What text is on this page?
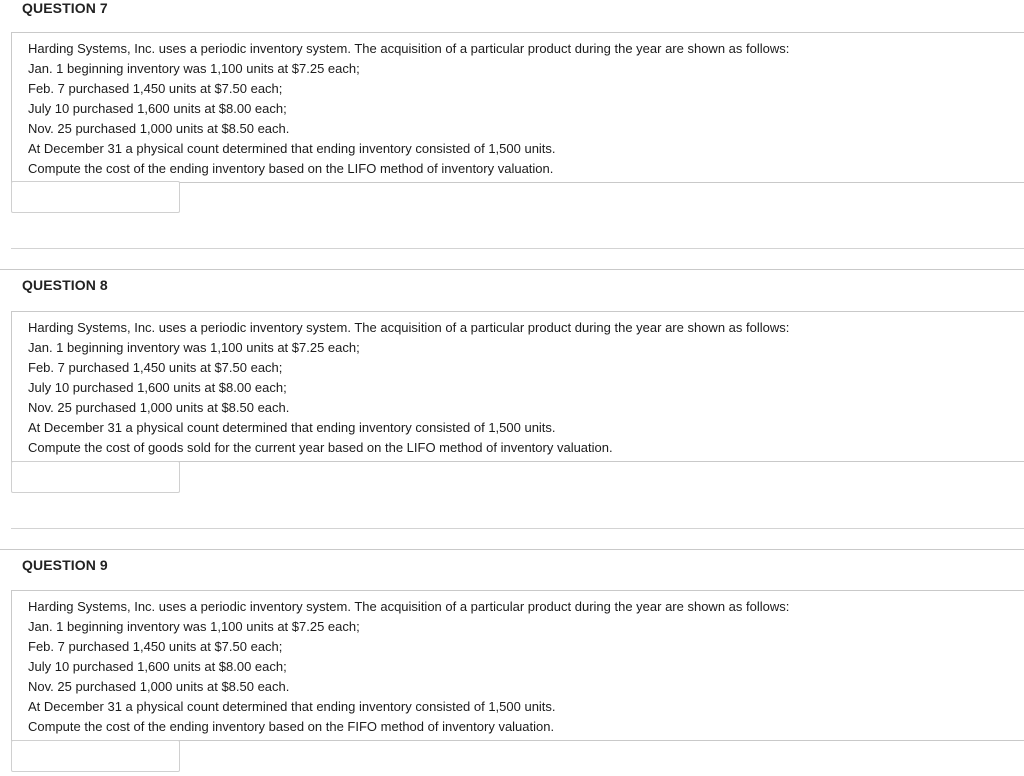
QUESTION 7
Harding Systems, Inc. uses a periodic inventory system. The acquisition of a particular product during the year are shown as follows:
Jan. 1 beginning inventory was 1,100 units at $7.25 each;
Feb. 7 purchased 1,450 units at $7.50 each;
July 10 purchased 1,600 units at $8.00 each;
Nov. 25 purchased 1,000 units at $8.50 each.
At December 31 a physical count determined that ending inventory consisted of 1,500 units.
Compute the cost of the ending inventory based on the LIFO method of inventory valuation.
QUESTION 8
Harding Systems, Inc. uses a periodic inventory system. The acquisition of a particular product during the year are shown as follows:
Jan. 1 beginning inventory was 1,100 units at $7.25 each;
Feb. 7 purchased 1,450 units at $7.50 each;
July 10 purchased 1,600 units at $8.00 each;
Nov. 25 purchased 1,000 units at $8.50 each.
At December 31 a physical count determined that ending inventory consisted of 1,500 units.
Compute the cost of goods sold for the current year based on the LIFO method of inventory valuation.
QUESTION 9
Harding Systems, Inc. uses a periodic inventory system. The acquisition of a particular product during the year are shown as follows:
Jan. 1 beginning inventory was 1,100 units at $7.25 each;
Feb. 7 purchased 1,450 units at $7.50 each;
July 10 purchased 1,600 units at $8.00 each;
Nov. 25 purchased 1,000 units at $8.50 each.
At December 31 a physical count determined that ending inventory consisted of 1,500 units.
Compute the cost of the ending inventory based on the FIFO method of inventory valuation.
